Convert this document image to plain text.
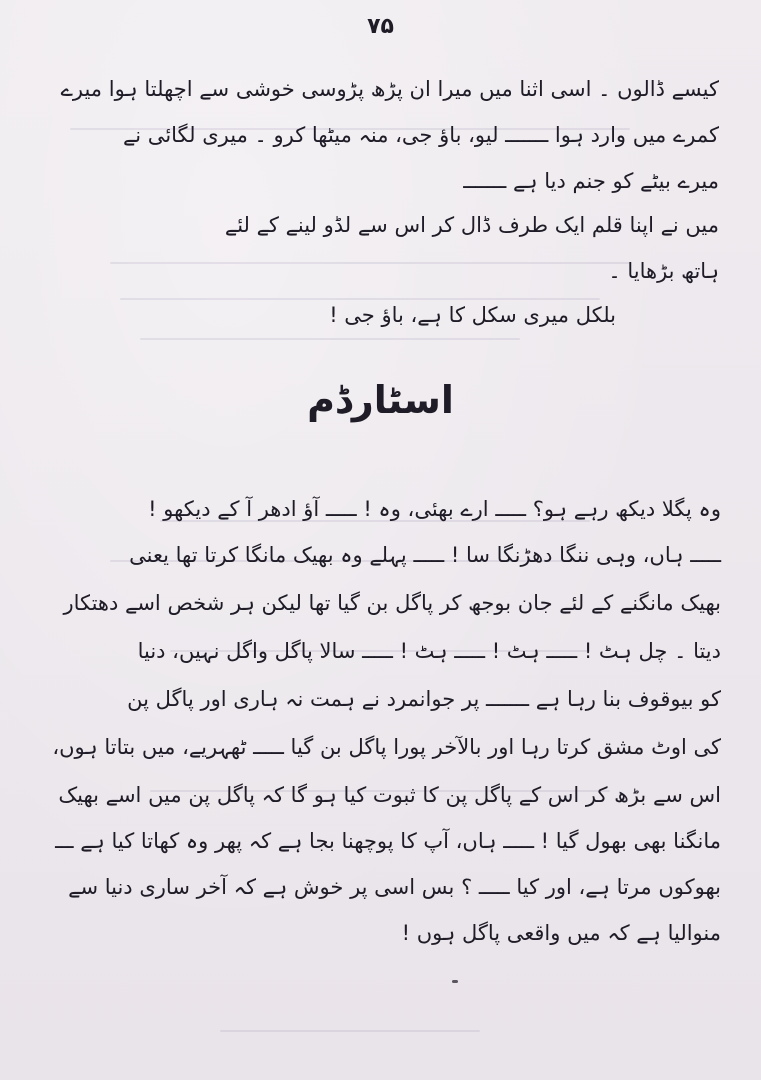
۷۵
کیسے ڈالوں ۔ اسی اثنا میں میرا ان پڑھ پڑوسی خوشی سے اچھلتا ہوا میرے
کمرے میں وارد ہوا ـــــــ لیو، باؤ جی، منہ میٹھا کرو ۔ میری لگائی نے
میرے بیٹے کو جنم دیا ہے ـــــــ
میں نے اپنا قلم ایک طرف ڈال کر اس سے لڈو لینے کے لئے
ہاتھ بڑھایا ۔
بلکل میری سکل کا ہے، باؤ جی !
اسٹارڈم
وہ پگلا دیکھ رہے ہو؟ ـــــ ارے بھئی، وہ ! ـــــ آؤ ادھر آ کے دیکھو !
ـــــ ہاں، وہی ننگا دھڑنگا سا ! ـــــ پہلے وہ بھیک مانگا کرتا تھا یعنی
بھیک مانگنے کے لئے جان بوجھ کر پاگل بن گیا تھا لیکن ہر شخص اسے دھتکار
دیتا ۔ چل ہٹ ! ـــــ ہٹ ! ـــــ ہٹ ! ـــــ سالا پاگل واگل نہیں، دنیا
کو بیوقوف بنا رہا ہے ـــــــ پر جوانمرد نے ہمت نہ ہاری اور پاگل پن
کی اوٹ مشق کرتا رہا اور بالآخر پورا پاگل بن گیا ـــــ ٹھہریے، میں بتاتا ہوں،
اس سے بڑھ کر اس کے پاگل پن کا ثبوت کیا ہو گا کہ پاگل پن میں اسے بھیک
مانگنا بھی بھول گیا ! ـــــ ہاں، آپ کا پوچھنا بجا ہے کہ پھر وہ کھاتا کیا ہے ـــ
بھوکوں مرتا ہے، اور کیا ـــــ ؟ بس اسی پر خوش ہے کہ آخر ساری دنیا سے
منوالیا ہے کہ میں واقعی پاگل ہوں !
